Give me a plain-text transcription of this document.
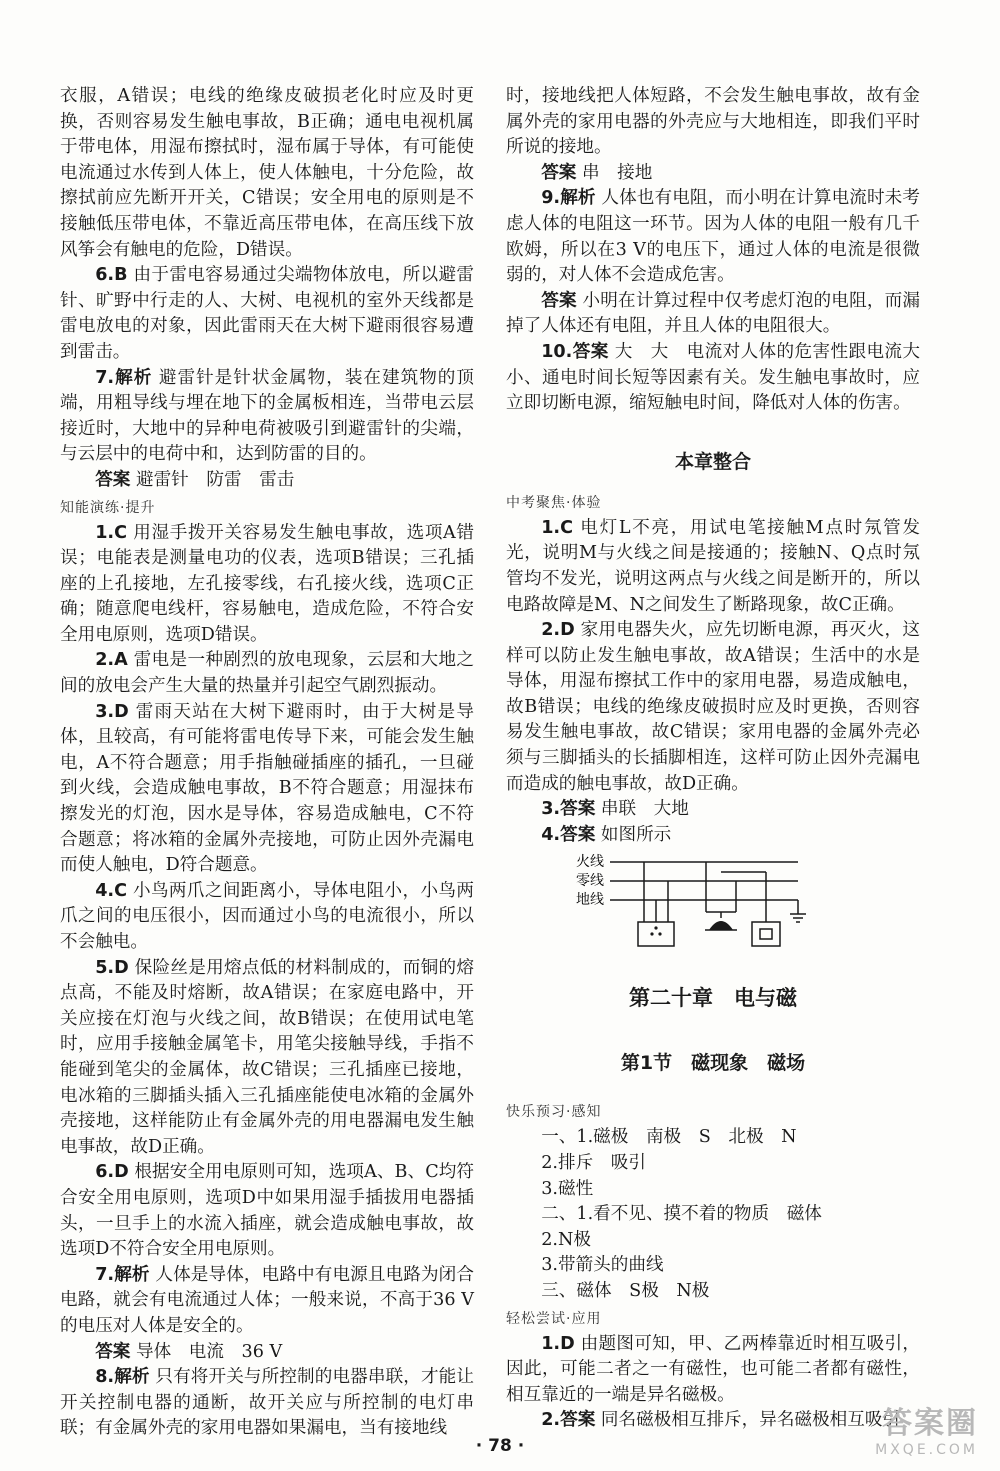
衣服，A错误；电线的绝缘皮破损老化时应及时更换，否则容易发生触电事故，B正确；通电电视机属于带电体，用湿布擦拭时，湿布属于导体，有可能使电流通过水传到人体上，使人体触电，十分危险，故擦拭前应先断开开关，C错误；安全用电的原则是不接触低压带电体，不靠近高压带电体，在高压线下放风筝会有触电的危险，D错误。

6.B 由于雷电容易通过尖端物体放电，所以避雷针、旷野中行走的人、大树、电视机的室外天线都是雷电放电的对象，因此雷雨天在大树下避雨很容易遭到雷击。

7.解析 避雷针是针状金属物，装在建筑物的顶端，用粗导线与埋在地下的金属板相连，当带电云层接近时，大地中的异种电荷被吸引到避雷针的尖端，与云层中的电荷中和，达到防雷的目的。

答案 避雷针　防雷　雷击

知能演练·提升

1.C 用湿手拨开关容易发生触电事故，选项A错误；电能表是测量电功的仪表，选项B错误；三孔插座的上孔接地，左孔接零线，右孔接火线，选项C正确；随意爬电线杆，容易触电，造成危险，不符合安全用电原则，选项D错误。

2.A 雷电是一种剧烈的放电现象，云层和大地之间的放电会产生大量的热量并引起空气剧烈振动。

3.D 雷雨天站在大树下避雨时，由于大树是导体，且较高，有可能将雷电传导下来，可能会发生触电，A不符合题意；用手指触碰插座的插孔，一旦碰到火线，会造成触电事故，B不符合题意；用湿抹布擦发光的灯泡，因水是导体，容易造成触电，C不符合题意；将冰箱的金属外壳接地，可防止因外壳漏电而使人触电，D符合题意。

4.C 小鸟两爪之间距离小，导体电阻小，小鸟两爪之间的电压很小，因而通过小鸟的电流很小，所以不会触电。

5.D 保险丝是用熔点低的材料制成的，而铜的熔点高，不能及时熔断，故A错误；在家庭电路中，开关应接在灯泡与火线之间，故B错误；在使用试电笔时，应用手接触金属笔卡，用笔尖接触导线，手指不能碰到笔尖的金属体，故C错误；三孔插座已接地，电冰箱的三脚插头插入三孔插座能使电冰箱的金属外壳接地，这样能防止有金属外壳的用电器漏电发生触电事故，故D正确。

6.D 根据安全用电原则可知，选项A、B、C均符合安全用电原则，选项D中如果用湿手插拔用电器插头，一旦手上的水流入插座，就会造成触电事故，故选项D不符合安全用电原则。

7.解析 人体是导体，电路中有电源且电路为闭合电路，就会有电流通过人体；一般来说，不高于36 V的电压对人体是安全的。

答案 导体　电流　36 V

8.解析 只有将开关与所控制的电器串联，才能让开关控制电器的通断，故开关应与所控制的电灯串联；有金属外壳的家用电器如果漏电，当有接地线

时，接地线把人体短路，不会发生触电事故，故有金属外壳的家用电器的外壳应与大地相连，即我们平时所说的接地。

答案 串　接地

9.解析 人体也有电阻，而小明在计算电流时未考虑人体的电阻这一环节。因为人体的电阻一般有几千欧姆，所以在3 V的电压下，通过人体的电流是很微弱的，对人体不会造成危害。

答案 小明在计算过程中仅考虑灯泡的电阻，而漏掉了人体还有电阻，并且人体的电阻很大。

10.答案 大　大　电流对人体的危害性跟电流大小、通电时间长短等因素有关。发生触电事故时，应立即切断电源，缩短触电时间，降低对人体的伤害。

本章整合
中考聚焦·体验

1.C 电灯L不亮，用试电笔接触M点时氖管发光，说明M与火线之间是接通的；接触N、Q点时氖管均不发光，说明这两点与火线之间是断开的，所以电路故障是M、N之间发生了断路现象，故C正确。

2.D 家用电器失火，应先切断电源，再灭火，这样可以防止发生触电事故，故A错误；生活中的水是导体，用湿布擦拭工作中的家用电器，易造成触电，故B错误；电线的绝缘皮破损时应及时更换，否则容易发生触电事故，故C错误；家用电器的金属外壳必须与三脚插头的长插脚相连，这样可防止因外壳漏电而造成的触电事故，故D正确。

3.答案 串联　大地

4.答案 如图所示

火线
零线
地线
第二十章　电与磁
第1节　磁现象　磁场
快乐预习·感知

一、1.磁极　南极　S　北极　N

2.排斥　吸引

3.磁性

二、1.看不见、摸不着的物质　磁体

2.N极

3.带箭头的曲线

三、磁体　S极　N极

轻松尝试·应用

1.D 由题图可知，甲、乙两棒靠近时相互吸引，因此，可能二者之一有磁性，也可能二者都有磁性，相互靠近的一端是异名磁极。

2.答案 同名磁极相互排斥，异名磁极相互吸引

· 78 ·
答案圈
MXQE.COM
